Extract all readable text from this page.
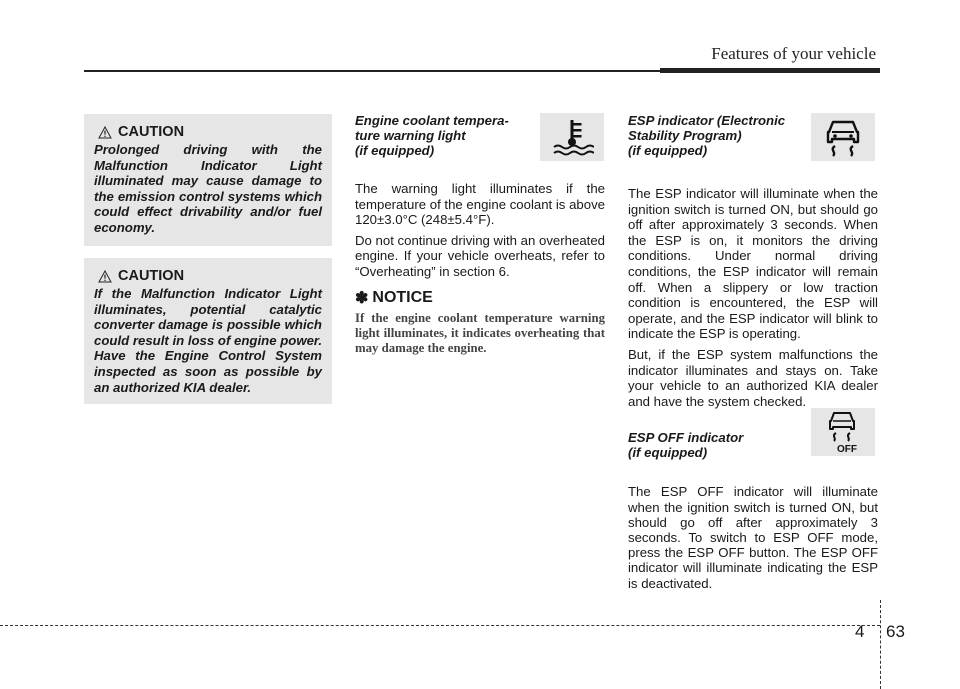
Features of your vehicle
CAUTION
Prolonged driving with the Malfunction Indicator Light illuminated may cause damage to the emission control systems which could effect drivability and/or fuel economy.
CAUTION
If the Malfunction Indicator Light illuminates, potential catalytic converter damage is possible which could result in loss of engine power. Have the Engine Control System inspected as soon as possible by an authorized KIA dealer.
Engine coolant tempera-
ture warning light
(if equipped)

The warning light illuminates if the temperature of the engine coolant is above 120±3.0°C (248±5.4°F).

Do not continue driving with an overheated engine. If your vehicle overheats, refer to “Overheating” in section 6.

✽ NOTICE
If the engine coolant temperature warning light illuminates, it indicates overheating that may damage the engine.
ESP indicator (Electronic
Stability Program)
(if equipped)

The ESP indicator will illuminate when the ignition switch is turned ON, but should go off after approximately 3 seconds. When the ESP is on, it monitors the driving conditions. Under normal driving conditions, the ESP indicator will remain off. When a slippery or low traction condition is encountered, the ESP will operate, and the ESP indicator will blink to indicate the ESP is operating.

But, if the ESP system malfunctions the indicator illuminates and stays on. Take your vehicle to an authorized KIA dealer and have the system checked.

ESP OFF indicator
(if equipped)

The ESP OFF indicator will illuminate when the ignition switch is turned ON, but should go off after approximately 3 seconds. To switch to ESP OFF mode, press the ESP OFF button. The ESP OFF indicator will illuminate indicating the ESP is deactivated.

OFF
4 63
